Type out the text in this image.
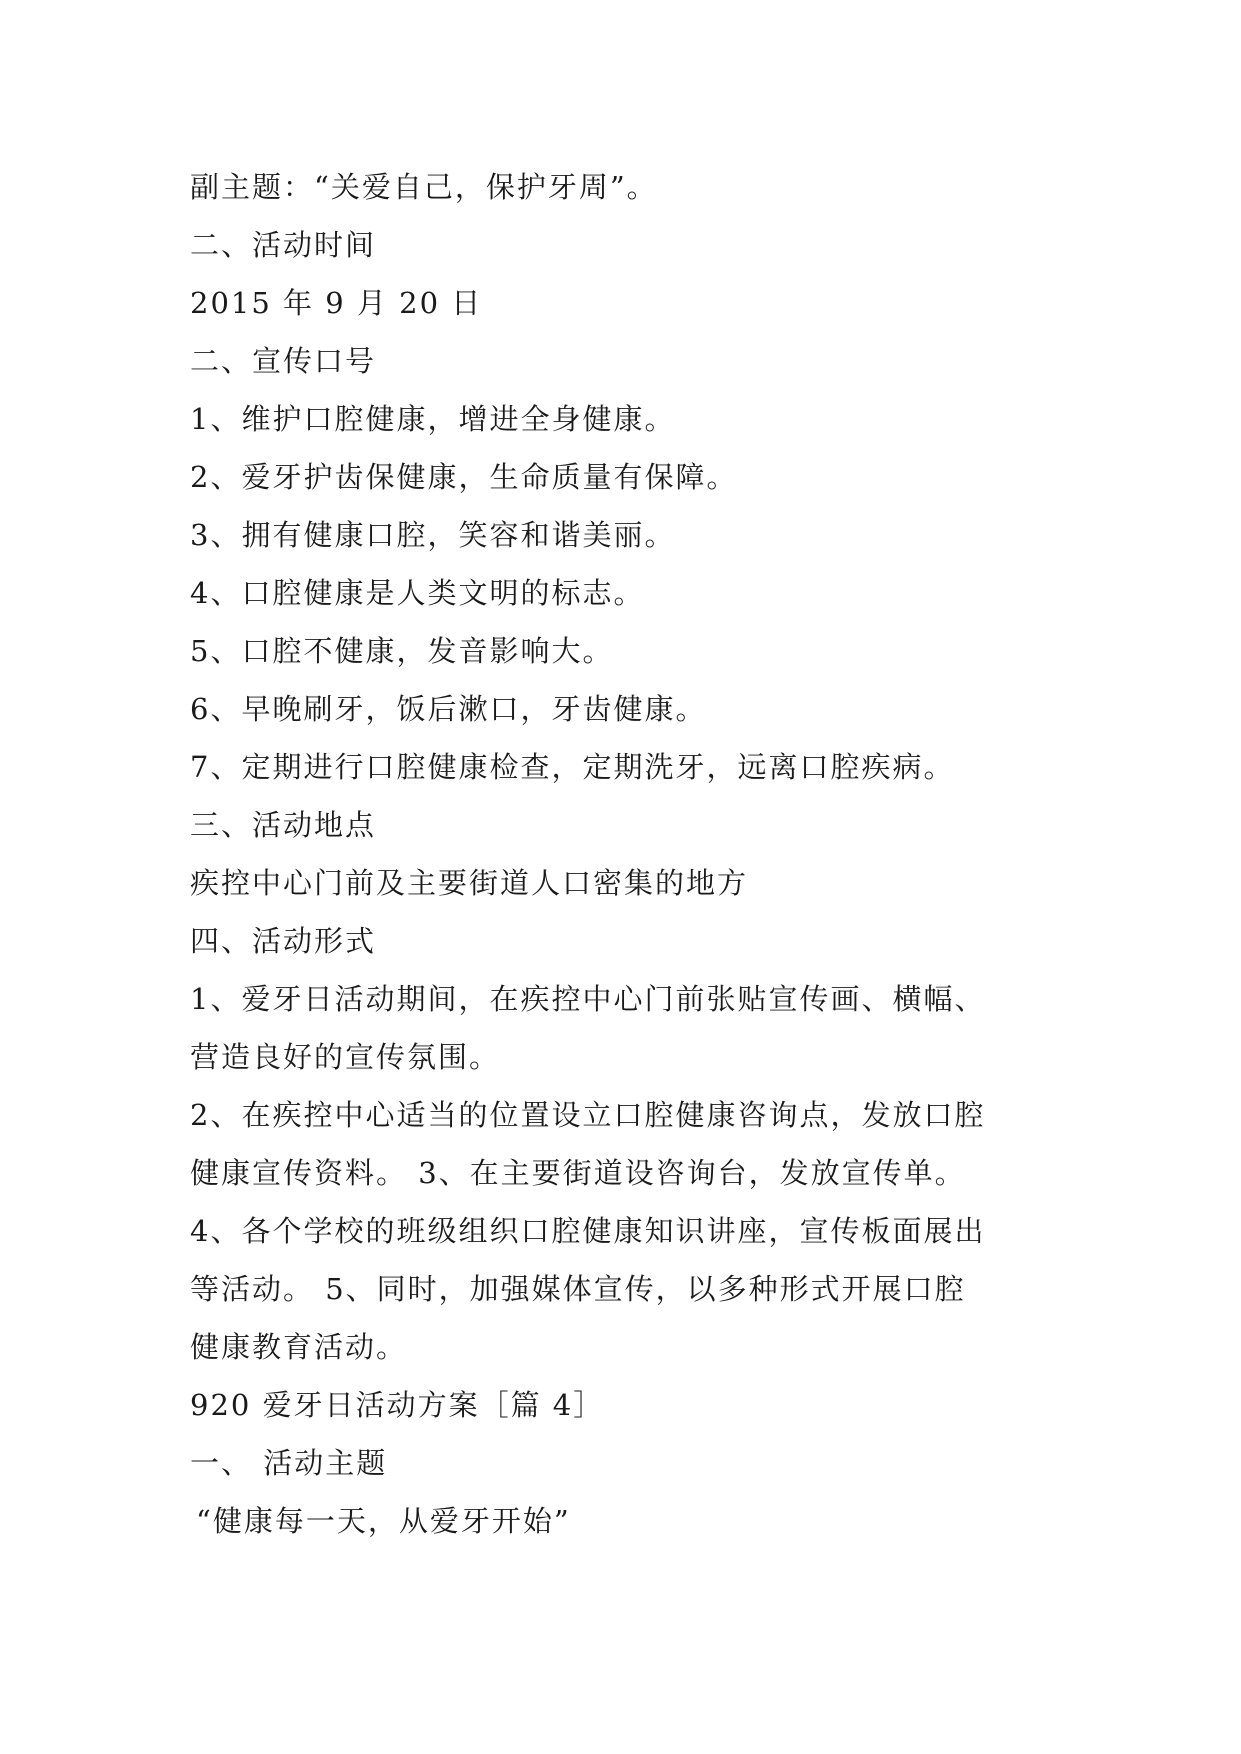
副主题：“关爱自己，保护牙周”。
二、活动时间
2015 年 9 月 20 日
二、宣传口号
1、维护口腔健康，增进全身健康。
2、爱牙护齿保健康，生命质量有保障。
3、拥有健康口腔，笑容和谐美丽。
4、口腔健康是人类文明的标志。
5、口腔不健康，发音影响大。
6、早晚刷牙，饭后漱口，牙齿健康。
7、定期进行口腔健康检查，定期洗牙，远离口腔疾病。
三、活动地点
疾控中心门前及主要街道人口密集的地方
四、活动形式
1、爱牙日活动期间，在疾控中心门前张贴宣传画、横幅、
营造良好的宣传氛围。
2、在疾控中心适当的位置设立口腔健康咨询点，发放口腔
健康宣传资料。 3、在主要街道设咨询台，发放宣传单。
4、各个学校的班级组织口腔健康知识讲座，宣传板面展出
等活动。 5、同时，加强媒体宣传，以多种形式开展口腔
健康教育活动。
920 爱牙日活动方案［篇 4］
一、 活动主题
“健康每一天，从爱牙开始”
